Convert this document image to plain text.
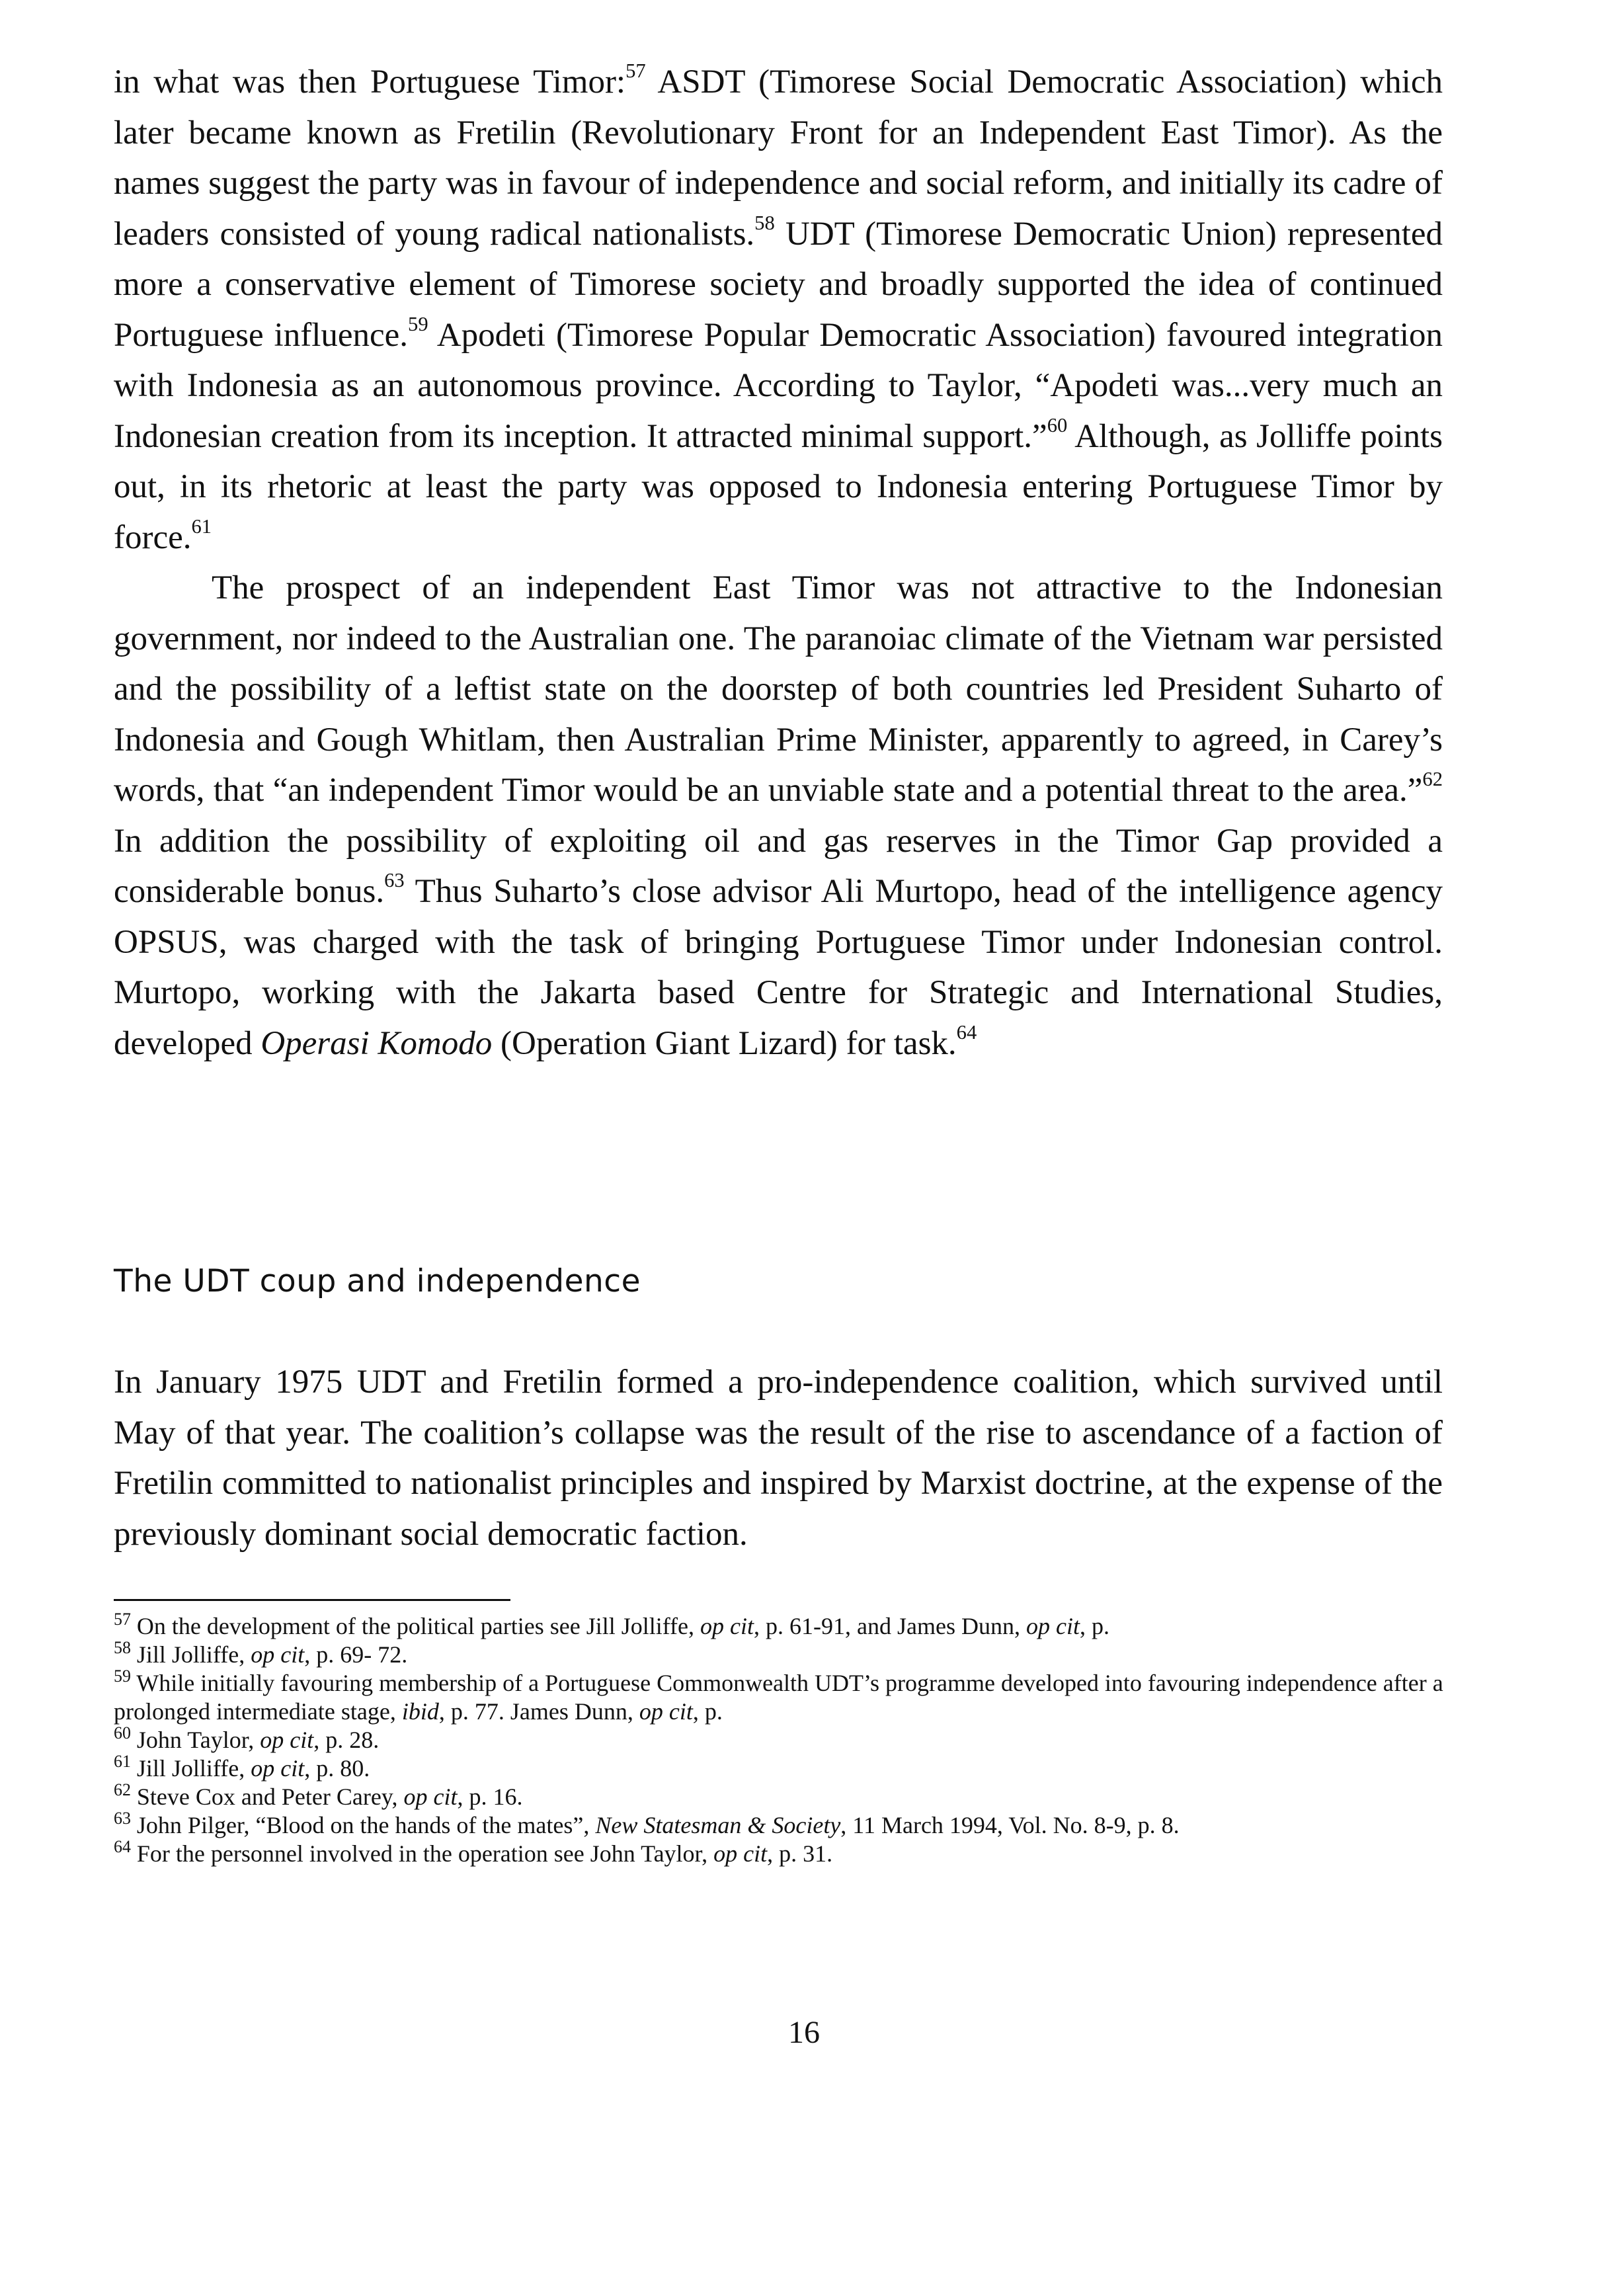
in what was then Portuguese Timor:$^{57}$ ASDT (Timorese Social Democratic Association) which later became known as Fretilin (Revolutionary Front for an Independent East Timor). As the names suggest the party was in favour of independence and social reform, and initially its cadre of leaders consisted of young radical nationalists.$^{58}$ UDT (Timorese Democratic Union) represented more a conservative element of Timorese society and broadly supported the idea of continued Portuguese influence.$^{59}$ Apodeti (Timorese Popular Democratic Association) favoured integration with Indonesia as an autonomous province. According to Taylor, “Apodeti was...very much an Indonesian creation from its inception. It attracted minimal support.”$^{60}$ Although, as Jolliffe points out, in its rhetoric at least the party was opposed to Indonesia entering Portuguese Timor by force.$^{61}$

The prospect of an independent East Timor was not attractive to the Indonesian government, nor indeed to the Australian one. The paranoiac climate of the Vietnam war persisted and the possibility of a leftist state on the doorstep of both countries led President Suharto of Indonesia and Gough Whitlam, then Australian Prime Minister, apparently to agreed, in Carey’s words, that “an independent Timor would be an unviable state and a potential threat to the area.”$^{62}$ In addition the possibility of exploiting oil and gas reserves in the Timor Gap provided a considerable bonus.$^{63}$ Thus Suharto’s close advisor Ali Murtopo, head of the intelligence agency OPSUS, was charged with the task of bringing Portuguese Timor under Indonesian control. Murtopo, working with the Jakarta based Centre for Strategic and International Studies, developed Operasi Komodo (Operation Giant Lizard) for task.$^{64}$

The UDT coup and independence

In January 1975 UDT and Fretilin formed a pro-independence coalition, which survived until May of that year. The coalition’s collapse was the result of the rise to ascendance of a faction of Fretilin committed to nationalist principles and inspired by Marxist doctrine, at the expense of the previously dominant social democratic faction.

$^{57}$ On the development of the political parties see Jill Jolliffe, op cit, p. 61-91, and James Dunn, op cit, p.

$^{58}$ Jill Jolliffe, op cit, p. 69- 72.

$^{59}$ While initially favouring membership of a Portuguese Commonwealth UDT’s programme developed into favouring independence after a prolonged intermediate stage, ibid, p. 77. James Dunn, op cit, p.

$^{60}$ John Taylor, op cit, p. 28.

$^{61}$ Jill Jolliffe, op cit, p. 80.

$^{62}$ Steve Cox and Peter Carey, op cit, p. 16.

$^{63}$ John Pilger, “Blood on the hands of the mates”, New Statesman & Society, 11 March 1994, Vol. No. 8-9, p. 8.

$^{64}$ For the personnel involved in the operation see John Taylor, op cit, p. 31.

16
